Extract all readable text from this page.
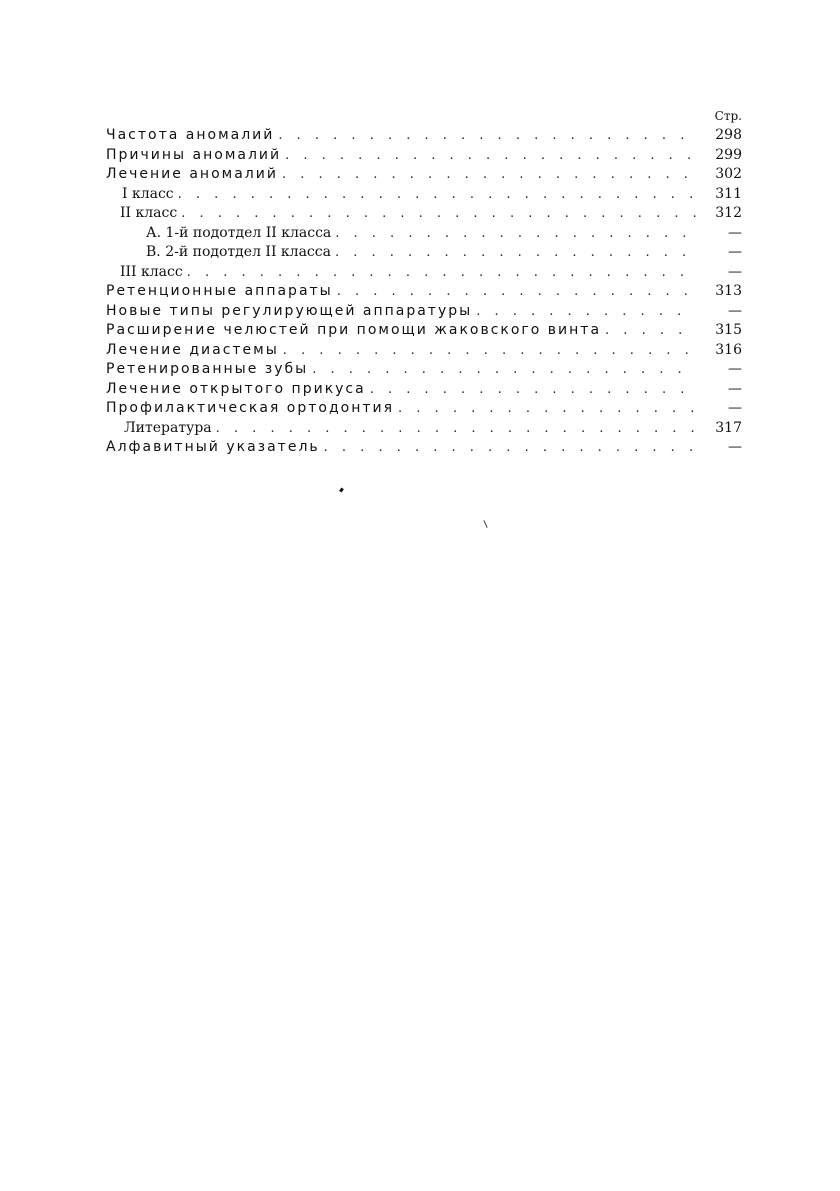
Стр.
Частота аномалий . . .	298
Причины аномалий . . .	299
Лечение аномалий . . .	302
I класс . . .	311
II класс . . .	312
А. 1-й подотдел II класса . . .	—
В. 2-й подотдел II класса . . .	—
III класс . . .	—
Ретенционные аппараты . . .	313
Новые типы регулирующей аппаратуры . . .	—
Расширение челюстей при помощи жаковского винта . . .	315
Лечение диастемы . . .	316
Ретенированные зубы . . .	—
Лечение открытого прикуса . . .	—
Профилактическая ортодонтия . . .	—
Литература . . .	317
Алфавитный указатель . . .	—
